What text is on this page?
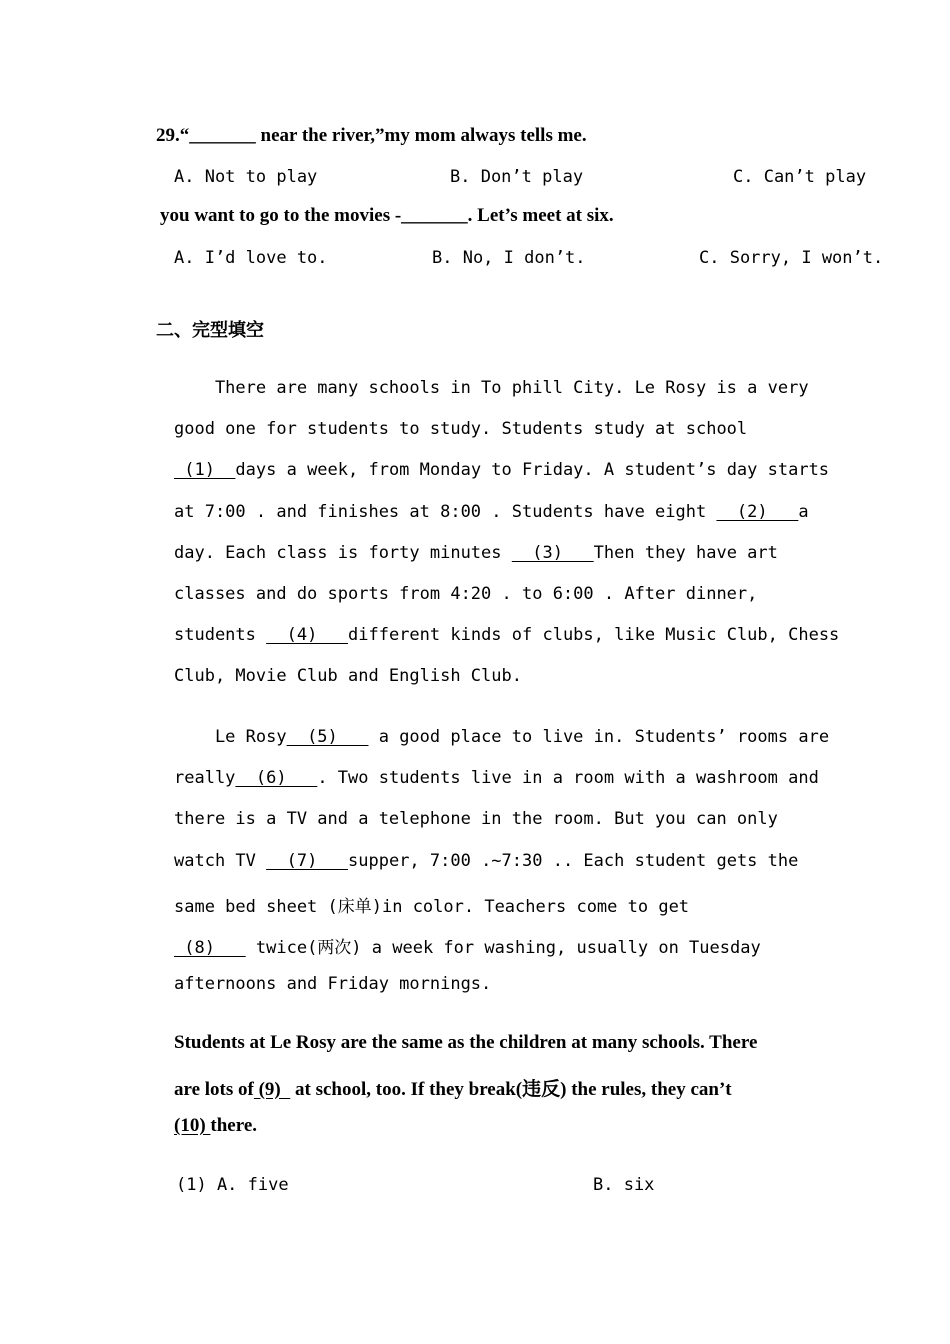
29.“_______ near the river,”my mom always tells me.
A. Not to play	B. Don’t play	C. Can’t play
you want to go to the movies -_______. Let’s meet at six.
A. I’d love to.	B. No, I don’t.	C. Sorry, I won’t.
二、完型填空
There are many schools in To phill City. Le Rosy is a very
good one for students to study. Students study at school
(1)  days a week, from Monday to Friday. A student’s day starts
at 7:00 . and finishes at 8:00 . Students have eight   (2)   a
day. Each class is forty minutes   (3)   Then they have art
classes and do sports from 4:20 . to 6:00 . After dinner,
students   (4)   different kinds of clubs, like Music Club, Chess
Club, Movie Club and English Club.
Le Rosy  (5)    a good place to live in. Students’ rooms are
really  (6)   . Two students live in a room with a washroom and
there is a TV and a telephone in the room. But you can only
watch TV   (7)   supper, 7:00 .~7:30 .. Each student gets the
same bed sheet (床单)in color. Teachers come to get
(8)    twice(两次) a week for washing, usually on Tuesday
afternoons and Friday mornings.
Students at Le Rosy are the same as the children at many schools. There
are lots of (9)   at school, too. If they break(违反) the rules, they can’t
(10) there.
(1) A. five	B. six
